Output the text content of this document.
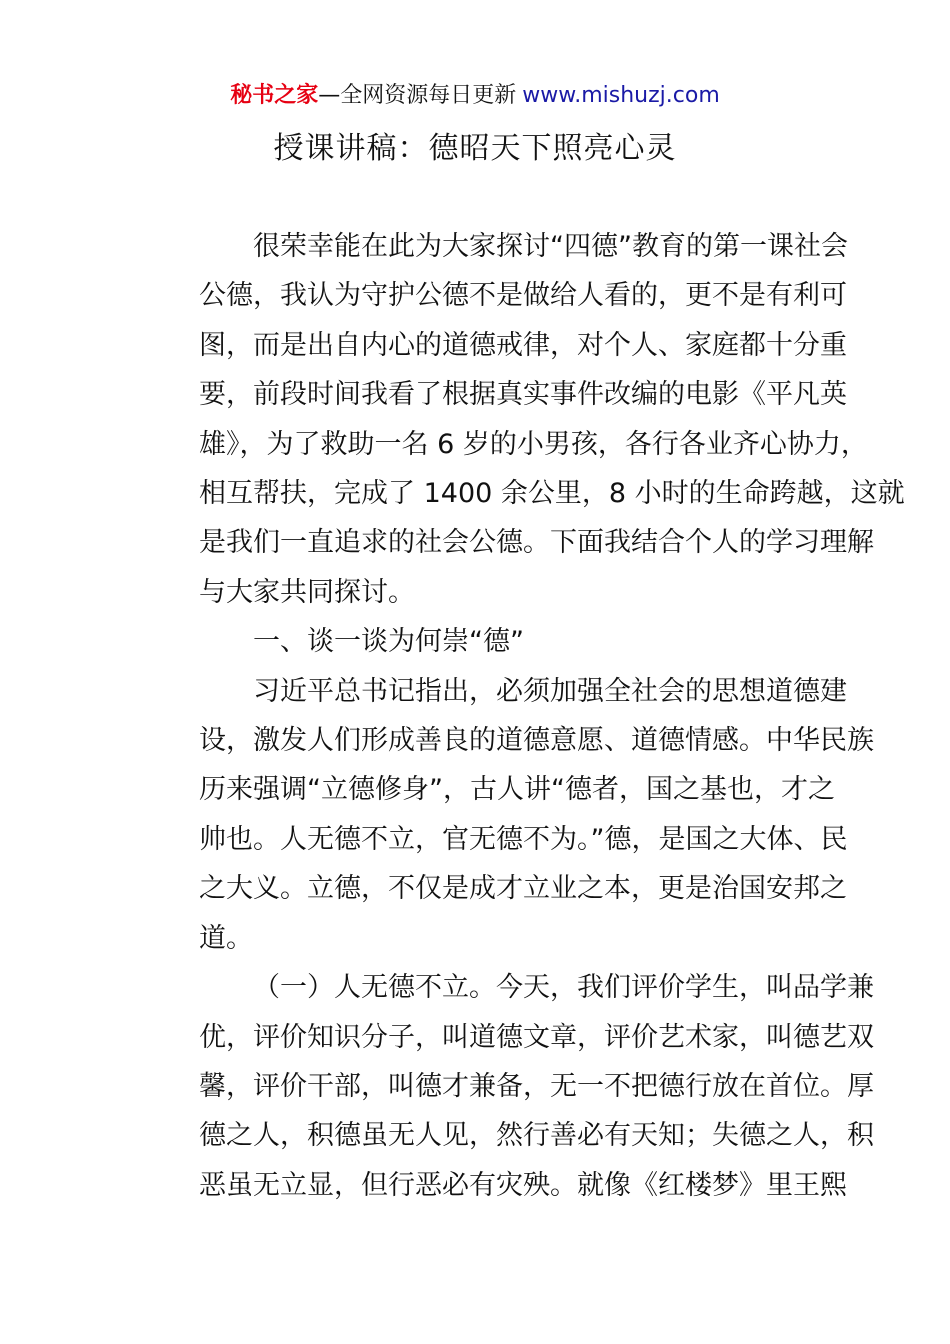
秘书之家—全网资源每日更新 www.mishuzj.com
授课讲稿：德昭天下照亮心灵
很荣幸能在此为大家探讨“四德”教育的第一课社会
公德，我认为守护公德不是做给人看的，更不是有利可
图，而是出自内心的道德戒律，对个人、家庭都十分重
要，前段时间我看了根据真实事件改编的电影《平凡英
雄》，为了救助一名 6 岁的小男孩，各行各业齐心协力，
相互帮扶，完成了 1400 余公里，8 小时的生命跨越，这就
是我们一直追求的社会公德。下面我结合个人的学习理解
与大家共同探讨。
一、谈一谈为何崇“德”
习近平总书记指出，必须加强全社会的思想道德建
设，激发人们形成善良的道德意愿、道德情感。中华民族
历来强调“立德修身”，古人讲“德者，国之基也，才之
帅也。人无德不立，官无德不为。”德，是国之大体、民
之大义。立德，不仅是成才立业之本，更是治国安邦之
道。
（一）人无德不立。今天，我们评价学生，叫品学兼
优，评价知识分子，叫道德文章，评价艺术家，叫德艺双
馨，评价干部，叫德才兼备，无一不把德行放在首位。厚
德之人，积德虽无人见，然行善必有天知；失德之人，积
恶虽无立显，但行恶必有灾殃。就像《红楼梦》里王熙
